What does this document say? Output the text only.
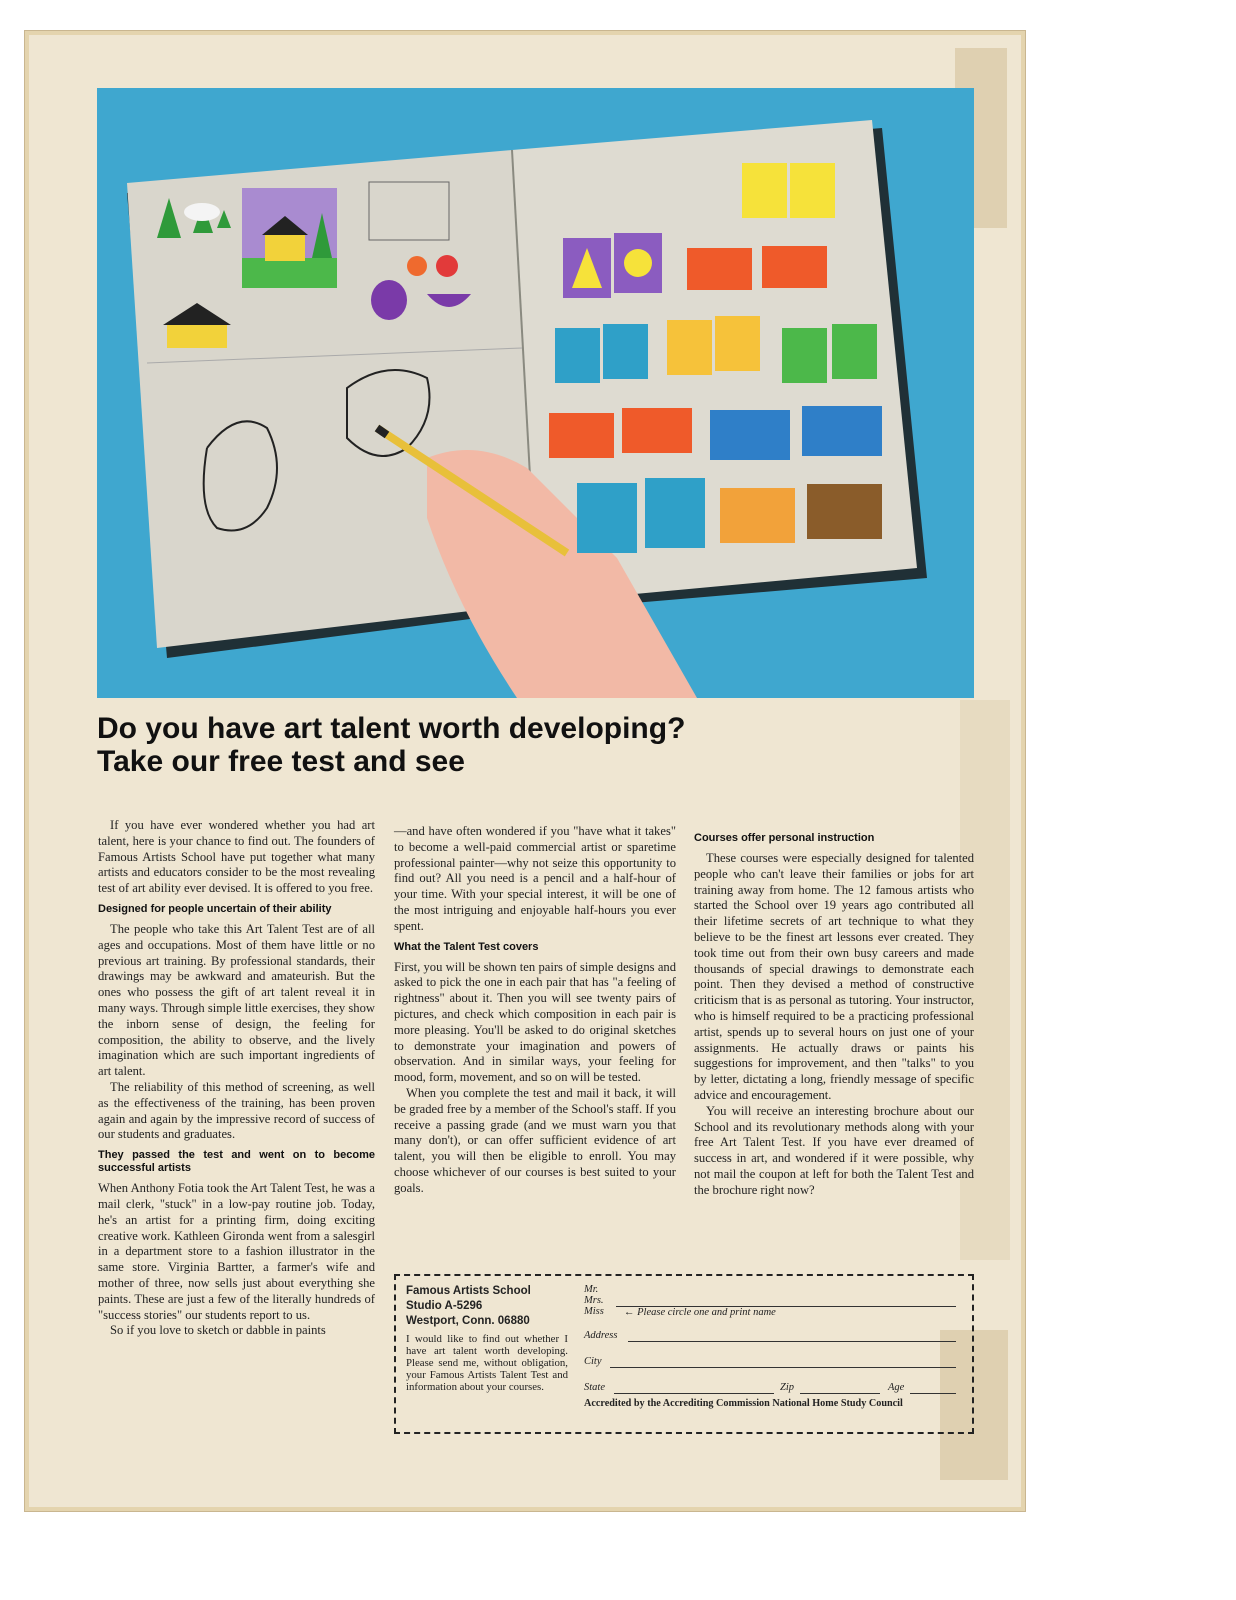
Do you have art talent worth developing?
Take our free test and see

If you have ever wondered whether you had art talent, here is your chance to find out. The founders of Famous Artists School have put together what many artists and educators consider to be the most revealing test of art ability ever devised. It is offered to you free.

Designed for people uncertain of their ability

The people who take this Art Talent Test are of all ages and occupations. Most of them have little or no previous art training. By professional standards, their drawings may be awkward and amateurish. But the ones who possess the gift of art talent reveal it in many ways. Through simple little exercises, they show the inborn sense of design, the feeling for composition, the ability to observe, and the lively imagination which are such important ingredients of art talent.

The reliability of this method of screening, as well as the effectiveness of the training, has been proven again and again by the impressive record of success of our students and graduates.

They passed the test and went on to become successful artists

When Anthony Fotia took the Art Talent Test, he was a mail clerk, "stuck" in a low-pay routine job. Today, he's an artist for a printing firm, doing exciting creative work. Kathleen Gironda went from a salesgirl in a department store to a fashion illustrator in the same store. Virginia Bartter, a farmer's wife and mother of three, now sells just about everything she paints. These are just a few of the literally hundreds of "success stories" our students report to us.

So if you love to sketch or dabble in paints

—and have often wondered if you "have what it takes" to become a well-paid commercial artist or sparetime professional painter—why not seize this opportunity to find out? All you need is a pencil and a half-hour of your time. With your special interest, it will be one of the most intriguing and enjoyable half-hours you ever spent.

What the Talent Test covers

First, you will be shown ten pairs of simple designs and asked to pick the one in each pair that has "a feeling of rightness" about it. Then you will see twenty pairs of pictures, and check which composition in each pair is more pleasing. You'll be asked to do original sketches to demonstrate your imagination and powers of observation. And in similar ways, your feeling for mood, form, movement, and so on will be tested.

When you complete the test and mail it back, it will be graded free by a member of the School's staff. If you receive a passing grade (and we must warn you that many don't), or can offer sufficient evidence of art talent, you will then be eligible to enroll. You may choose whichever of our courses is best suited to your goals.

Courses offer personal instruction

These courses were especially designed for talented people who can't leave their families or jobs for art training away from home. The 12 famous artists who started the School over 19 years ago contributed all their lifetime secrets of art technique to what they believe to be the finest art lessons ever created. They took time out from their own busy careers and made thousands of special drawings to demonstrate each point. Then they devised a method of constructive criticism that is as personal as tutoring. Your instructor, who is himself required to be a practicing professional artist, spends up to several hours on just one of your assignments. He actually draws or paints his suggestions for improvement, and then "talks" to you by letter, dictating a long, friendly message of specific advice and encouragement.

You will receive an interesting brochure about our School and its revolutionary methods along with your free Art Talent Test. If you have ever dreamed of success in art, and wondered if it were possible, why not mail the coupon at left for both the Talent Test and the brochure right now?

Famous Artists School
Studio A-5296
Westport, Conn. 06880
I would like to find out whether I have art talent worth developing. Please send me, without obligation, your Famous Artists Talent Test and information about your courses.
Mr.
Mrs.
Miss ← Please circle one and print name
Address
City
State	Zip	Age
Accredited by the Accrediting Commission National Home Study Council
